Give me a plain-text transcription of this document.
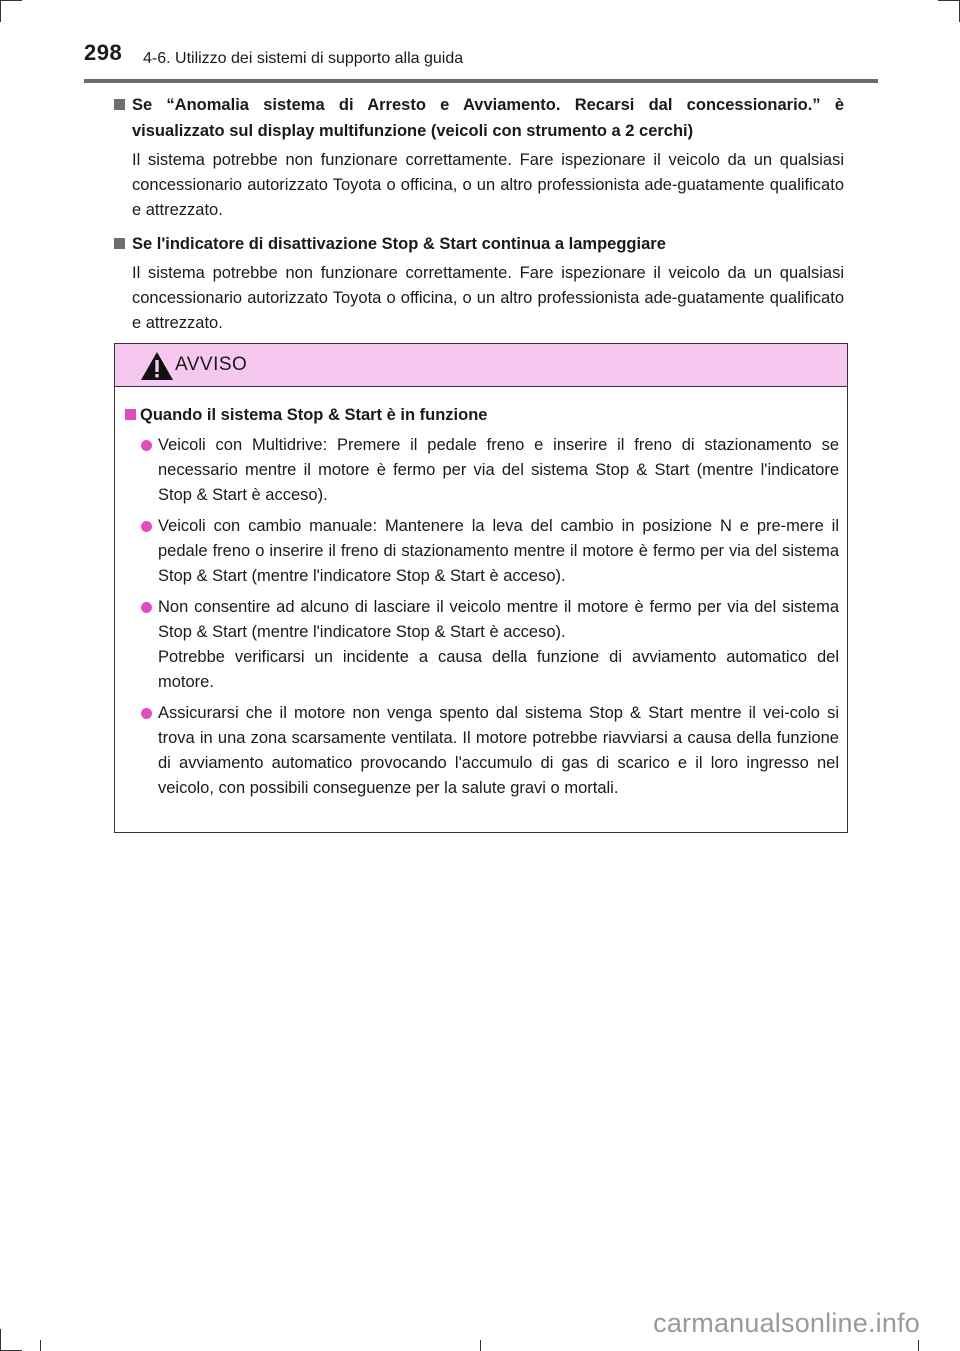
298 4-6. Utilizzo dei sistemi di supporto alla guida
Se “Anomalia sistema di Arresto e Avviamento. Recarsi dal concessionario.” è visualizzato sul display multifunzione (veicoli con strumento a 2 cerchi)
Il sistema potrebbe non funzionare correttamente. Fare ispezionare il veicolo da un qualsiasi concessionario autorizzato Toyota o officina, o un altro professionista ade-guatamente qualificato e attrezzato.
Se l'indicatore di disattivazione Stop & Start continua a lampeggiare
Il sistema potrebbe non funzionare correttamente. Fare ispezionare il veicolo da un qualsiasi concessionario autorizzato Toyota o officina, o un altro professionista ade-guatamente qualificato e attrezzato.
AVVISO
Quando il sistema Stop & Start è in funzione
Veicoli con Multidrive: Premere il pedale freno e inserire il freno di stazionamento se necessario mentre il motore è fermo per via del sistema Stop & Start (mentre l'indicatore Stop & Start è acceso).
Veicoli con cambio manuale: Mantenere la leva del cambio in posizione N e pre-mere il pedale freno o inserire il freno di stazionamento mentre il motore è fermo per via del sistema Stop & Start (mentre l'indicatore Stop & Start è acceso).
Non consentire ad alcuno di lasciare il veicolo mentre il motore è fermo per via del sistema Stop & Start (mentre l'indicatore Stop & Start è acceso).
Potrebbe verificarsi un incidente a causa della funzione di avviamento automatico del motore.
Assicurarsi che il motore non venga spento dal sistema Stop & Start mentre il vei-colo si trova in una zona scarsamente ventilata. Il motore potrebbe riavviarsi a causa della funzione di avviamento automatico provocando l'accumulo di gas di scarico e il loro ingresso nel veicolo, con possibili conseguenze per la salute gravi o mortali.
carmanualsonline.info
